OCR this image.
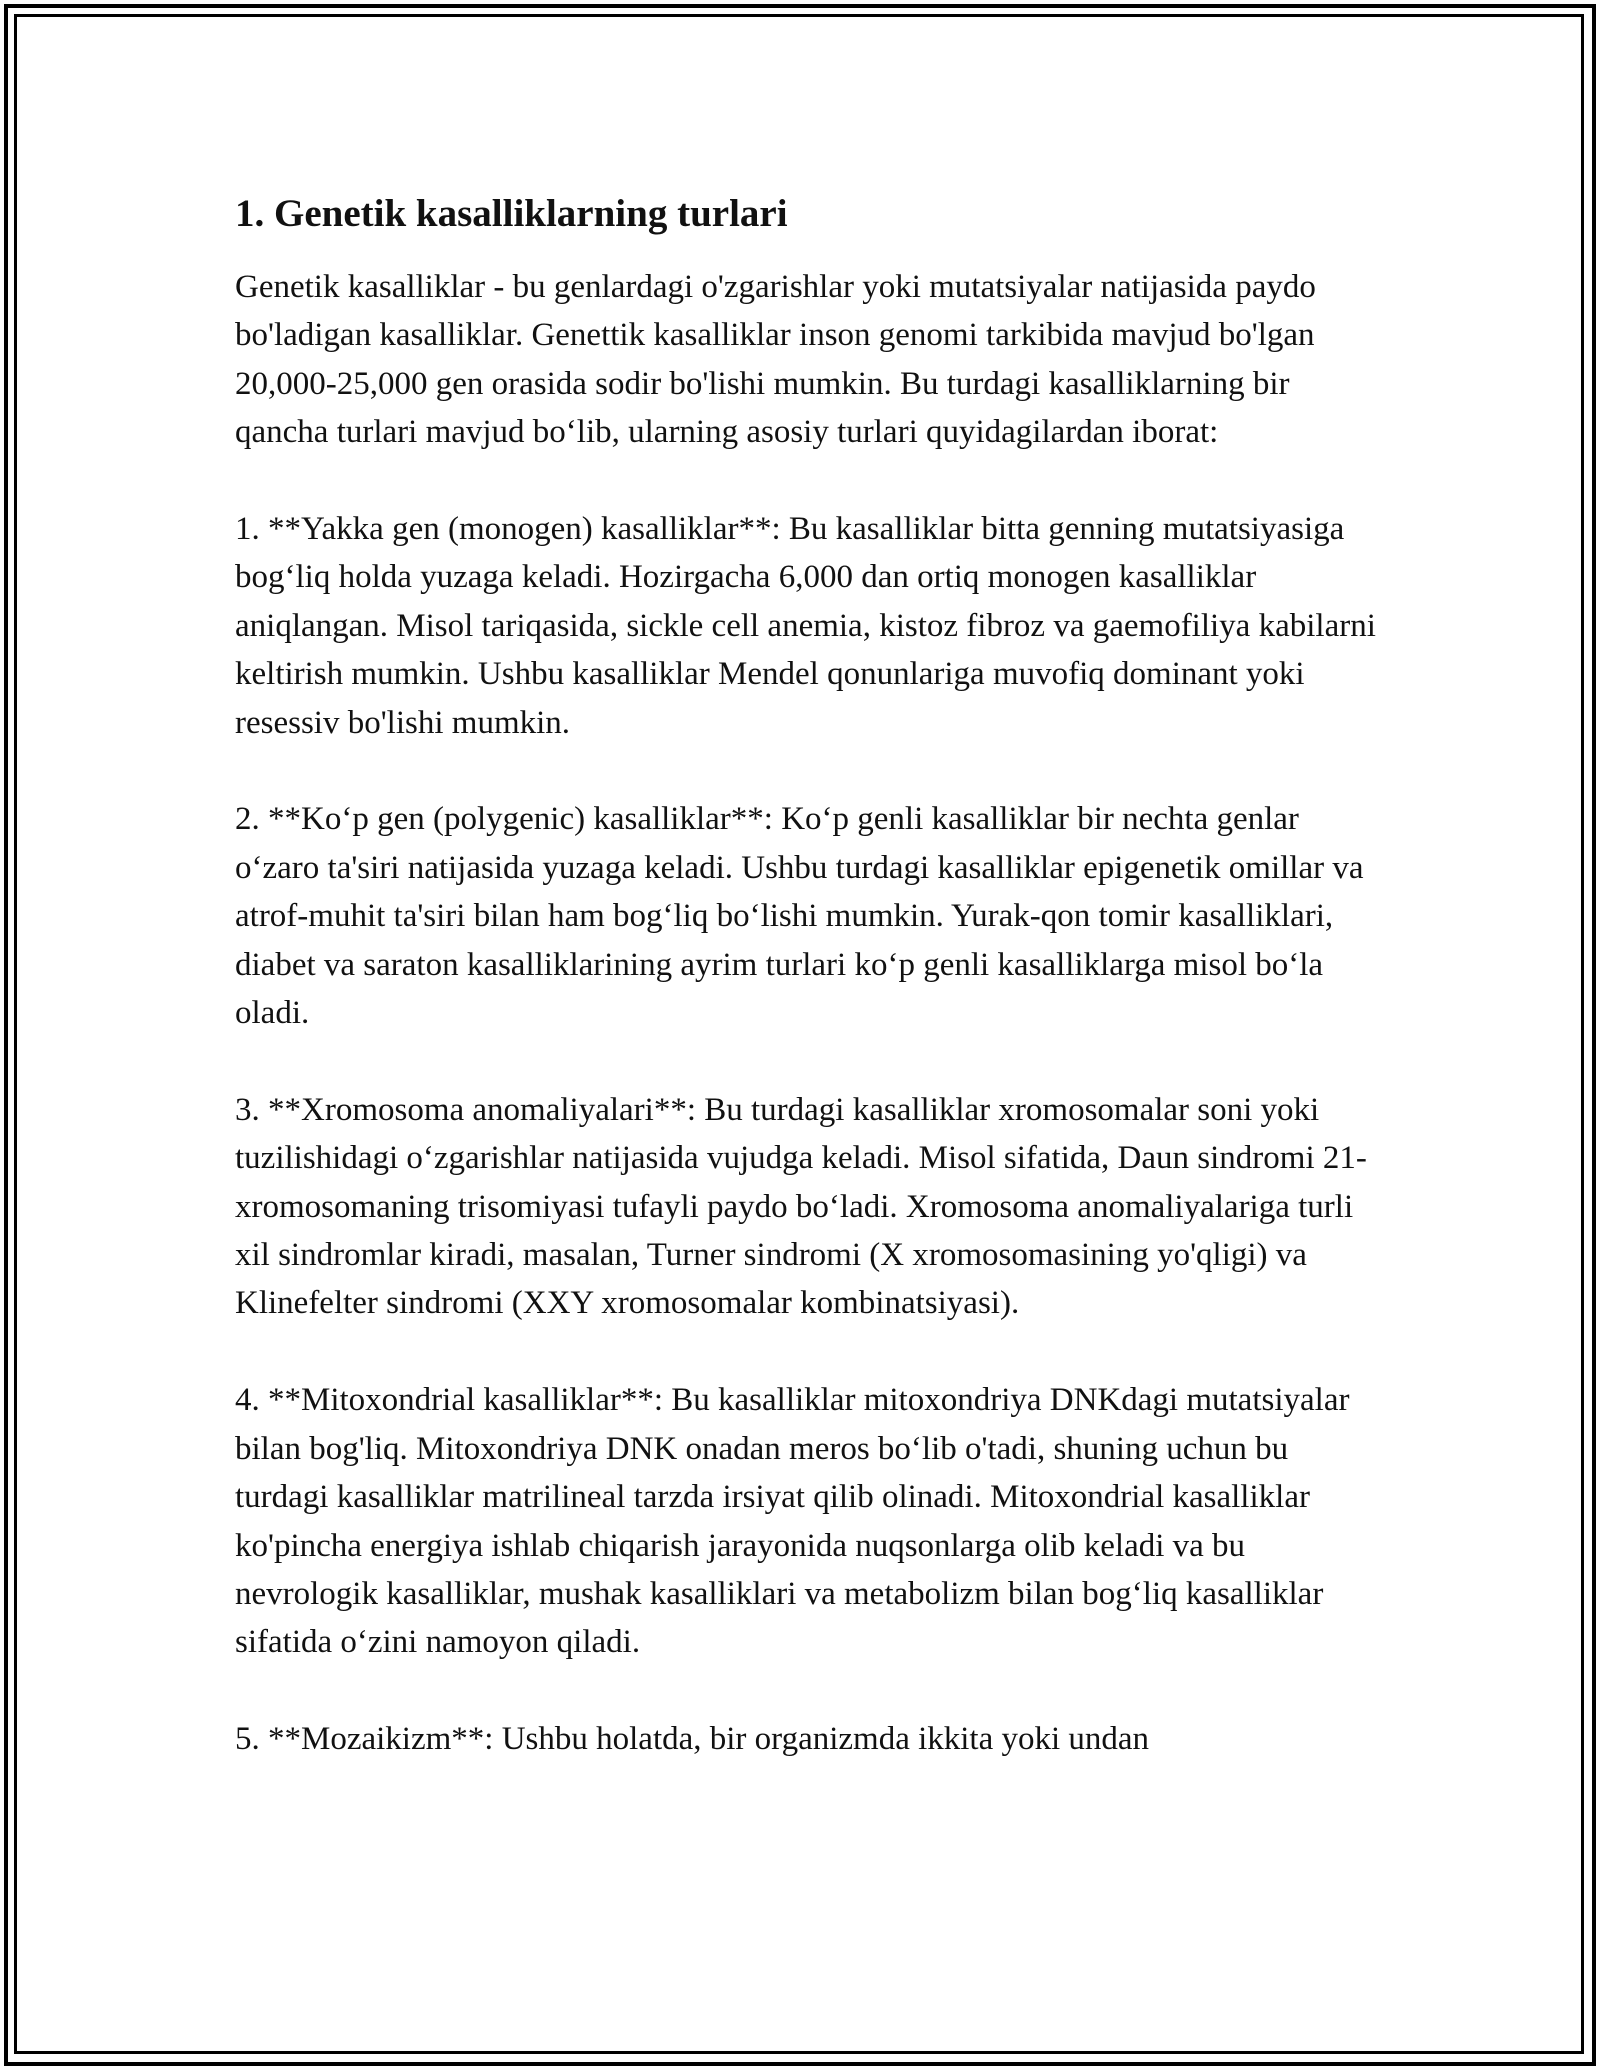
1. Genetik kasalliklarning turlari

Genetik kasalliklar - bu genlardagi o'zgarishlar yoki mutatsiyalar natijasida paydo bo'ladigan kasalliklar. Genettik kasalliklar inson genomi tarkibida mavjud bo'lgan 20,000-25,000 gen orasida sodir bo'lishi mumkin. Bu turdagi kasalliklarning bir qancha turlari mavjud bo‘lib, ularning asosiy turlari quyidagilardan iborat:

1. **Yakka gen (monogen) kasalliklar**: Bu kasalliklar bitta genning mutatsiyasiga bog‘liq holda yuzaga keladi. Hozirgacha 6,000 dan ortiq monogen kasalliklar aniqlangan. Misol tariqasida, sickle cell anemia, kistoz fibroz va gaemofiliya kabilarni keltirish mumkin. Ushbu kasalliklar Mendel qonunlariga muvofiq dominant yoki resessiv bo'lishi mumkin.

2. **Ko‘p gen (polygenic) kasalliklar**: Ko‘p genli kasalliklar bir nechta genlar o‘zaro ta'siri natijasida yuzaga keladi. Ushbu turdagi kasalliklar epigenetik omillar va atrof-muhit ta'siri bilan ham bog‘liq bo‘lishi mumkin. Yurak-qon tomir kasalliklari, diabet va saraton kasalliklarining ayrim turlari ko‘p genli kasalliklarga misol bo‘la oladi.

3. **Xromosoma anomaliyalari**: Bu turdagi kasalliklar xromosomalar soni yoki tuzilishidagi o‘zgarishlar natijasida vujudga keladi. Misol sifatida, Daun sindromi 21-xromosomaning trisomiyasi tufayli paydo bo‘ladi. Xromosoma anomaliyalariga turli xil sindromlar kiradi, masalan, Turner sindromi (X xromosomasining yo'qligi) va Klinefelter sindromi (XXY xromosomalar kombinatsiyasi).

4. **Mitoxondrial kasalliklar**: Bu kasalliklar mitoxondriya DNKdagi mutatsiyalar bilan bog'liq. Mitoxondriya DNK onadan meros bo‘lib o'tadi, shuning uchun bu turdagi kasalliklar matrilineal tarzda irsiyat qilib olinadi. Mitoxondrial kasalliklar ko'pincha energiya ishlab chiqarish jarayonida nuqsonlarga olib keladi va bu nevrologik kasalliklar, mushak kasalliklari va metabolizm bilan bog‘liq kasalliklar sifatida o‘zini namoyon qiladi.

5. **Mozaikizm**: Ushbu holatda, bir organizmda ikkita yoki undan
